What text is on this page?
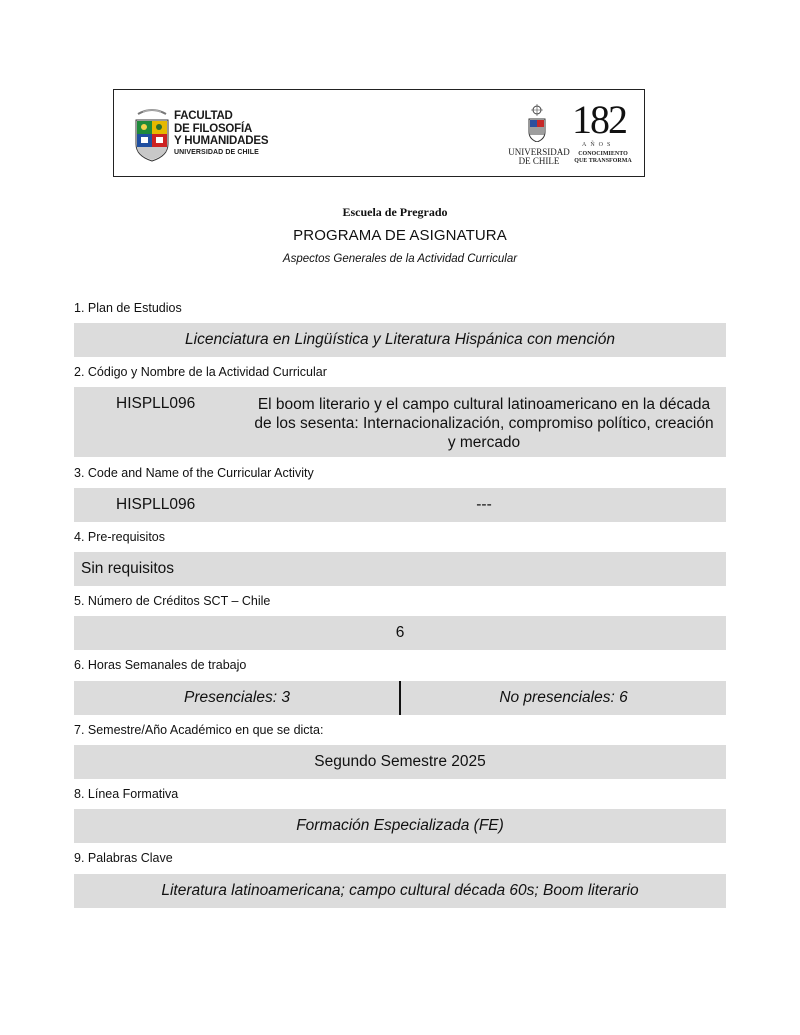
FACULTAD
DE FILOSOFÍA
Y HUMANIDADES
UNIVERSIDAD DE CHILE	UNIVERSIDAD
DE CHILE
182
AÑOS
CONOCIMIENTO
QUE TRANSFORMA
Escuela de Pregrado
PROGRAMA DE ASIGNATURA
Aspectos Generales de la Actividad Curricular
1. Plan de Estudios
Licenciatura en Lingüística y Literatura Hispánica con mención
2. Código y Nombre de la Actividad Curricular
HISPLL096	El boom literario y el campo cultural latinoamericano en la década
de los sesenta: Internacionalización, compromiso político, creación
y mercado
3. Code and Name of the Curricular Activity
HISPLL096	---
4. Pre-requisitos
Sin requisitos
5. Número de Créditos SCT – Chile
6
6. Horas Semanales de trabajo
Presenciales: 3	No presenciales: 6
7. Semestre/Año Académico en que se dicta:
Segundo Semestre 2025
8. Línea Formativa
Formación Especializada (FE)
9. Palabras Clave
Literatura latinoamericana; campo cultural década 60s; Boom literario
